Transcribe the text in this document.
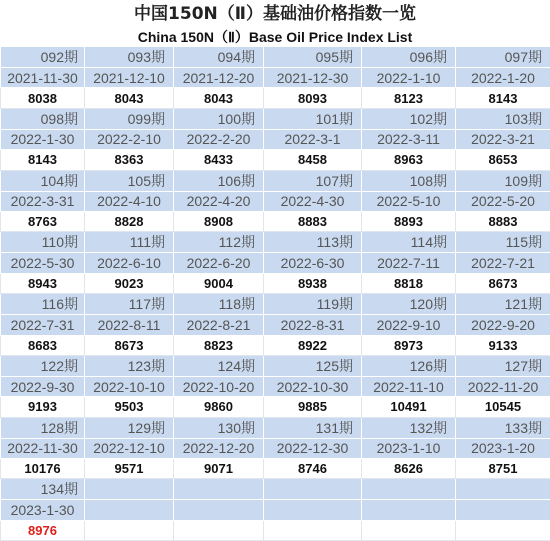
中国150N（Ⅱ）基础油价格指数一览
China 150N（Ⅱ）Base Oil Price Index List
092期	093期	094期	095期	096期	097期
2021-11-30	2021-12-10	2021-12-20	2021-12-30	2022-1-10	2022-1-20
8038	8043	8043	8093	8123	8143
098期	099期	100期	101期	102期	103期
2022-1-30	2022-2-10	2022-2-20	2022-3-1	2022-3-11	2022-3-21
8143	8363	8433	8458	8963	8653
104期	105期	106期	107期	108期	109期
2022-3-31	2022-4-10	2022-4-20	2022-4-30	2022-5-10	2022-5-20
8763	8828	8908	8883	8893	8883
110期	111期	112期	113期	114期	115期
2022-5-30	2022-6-10	2022-6-20	2022-6-30	2022-7-11	2022-7-21
8943	9023	9004	8938	8818	8673
116期	117期	118期	119期	120期	121期
2022-7-31	2022-8-11	2022-8-21	2022-8-31	2022-9-10	2022-9-20
8683	8673	8823	8922	8973	9133
122期	123期	124期	125期	126期	127期
2022-9-30	2022-10-10	2022-10-20	2022-10-30	2022-11-10	2022-11-20
9193	9503	9860	9885	10491	10545
128期	129期	130期	131期	132期	133期
2022-11-30	2022-12-10	2022-12-20	2022-12-30	2023-1-10	2023-1-20
10176	9571	9071	8746	8626	8751
134期					
2023-1-30					
8976					
